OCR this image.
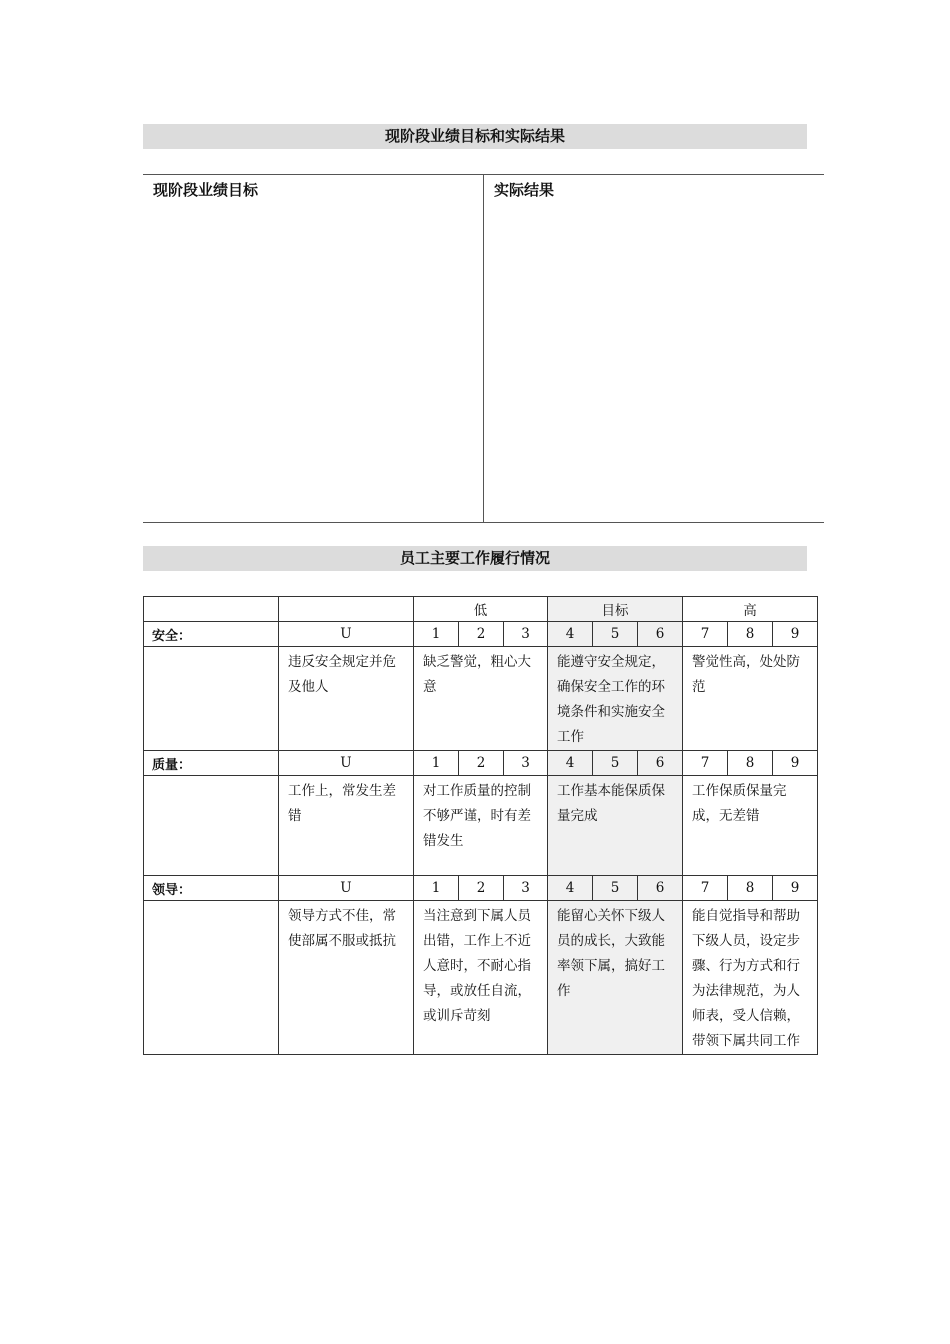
现阶段业绩目标和实际结果
现阶段业绩目标	实际结果
员工主要工作履行情况
		低			目标			高		
安全：	U	1	2	3	4	5	6	7	8	9
	违反安全规定并危及他人	缺乏警觉，粗心大意			能遵守安全规定，确保安全工作的环境条件和实施安全工作			警觉性高，处处防范		
质量：	U	1	2	3	4	5	6	7	8	9
	工作上，常发生差错	对工作质量的控制不够严谨，时有差错发生			工作基本能保质保量完成			工作保质保量完成，无差错		
领导：	U	1	2	3	4	5	6	7	8	9
	领导方式不佳，常使部属不服或抵抗	当注意到下属人员出错，工作上不近人意时，不耐心指导，或放任自流，或训斥苛刻			能留心关怀下级人员的成长，大致能率领下属，搞好工作			能自觉指导和帮助下级人员，设定步骤、行为方式和行为法律规范，为人师表，受人信赖，带领下属共同工作		
